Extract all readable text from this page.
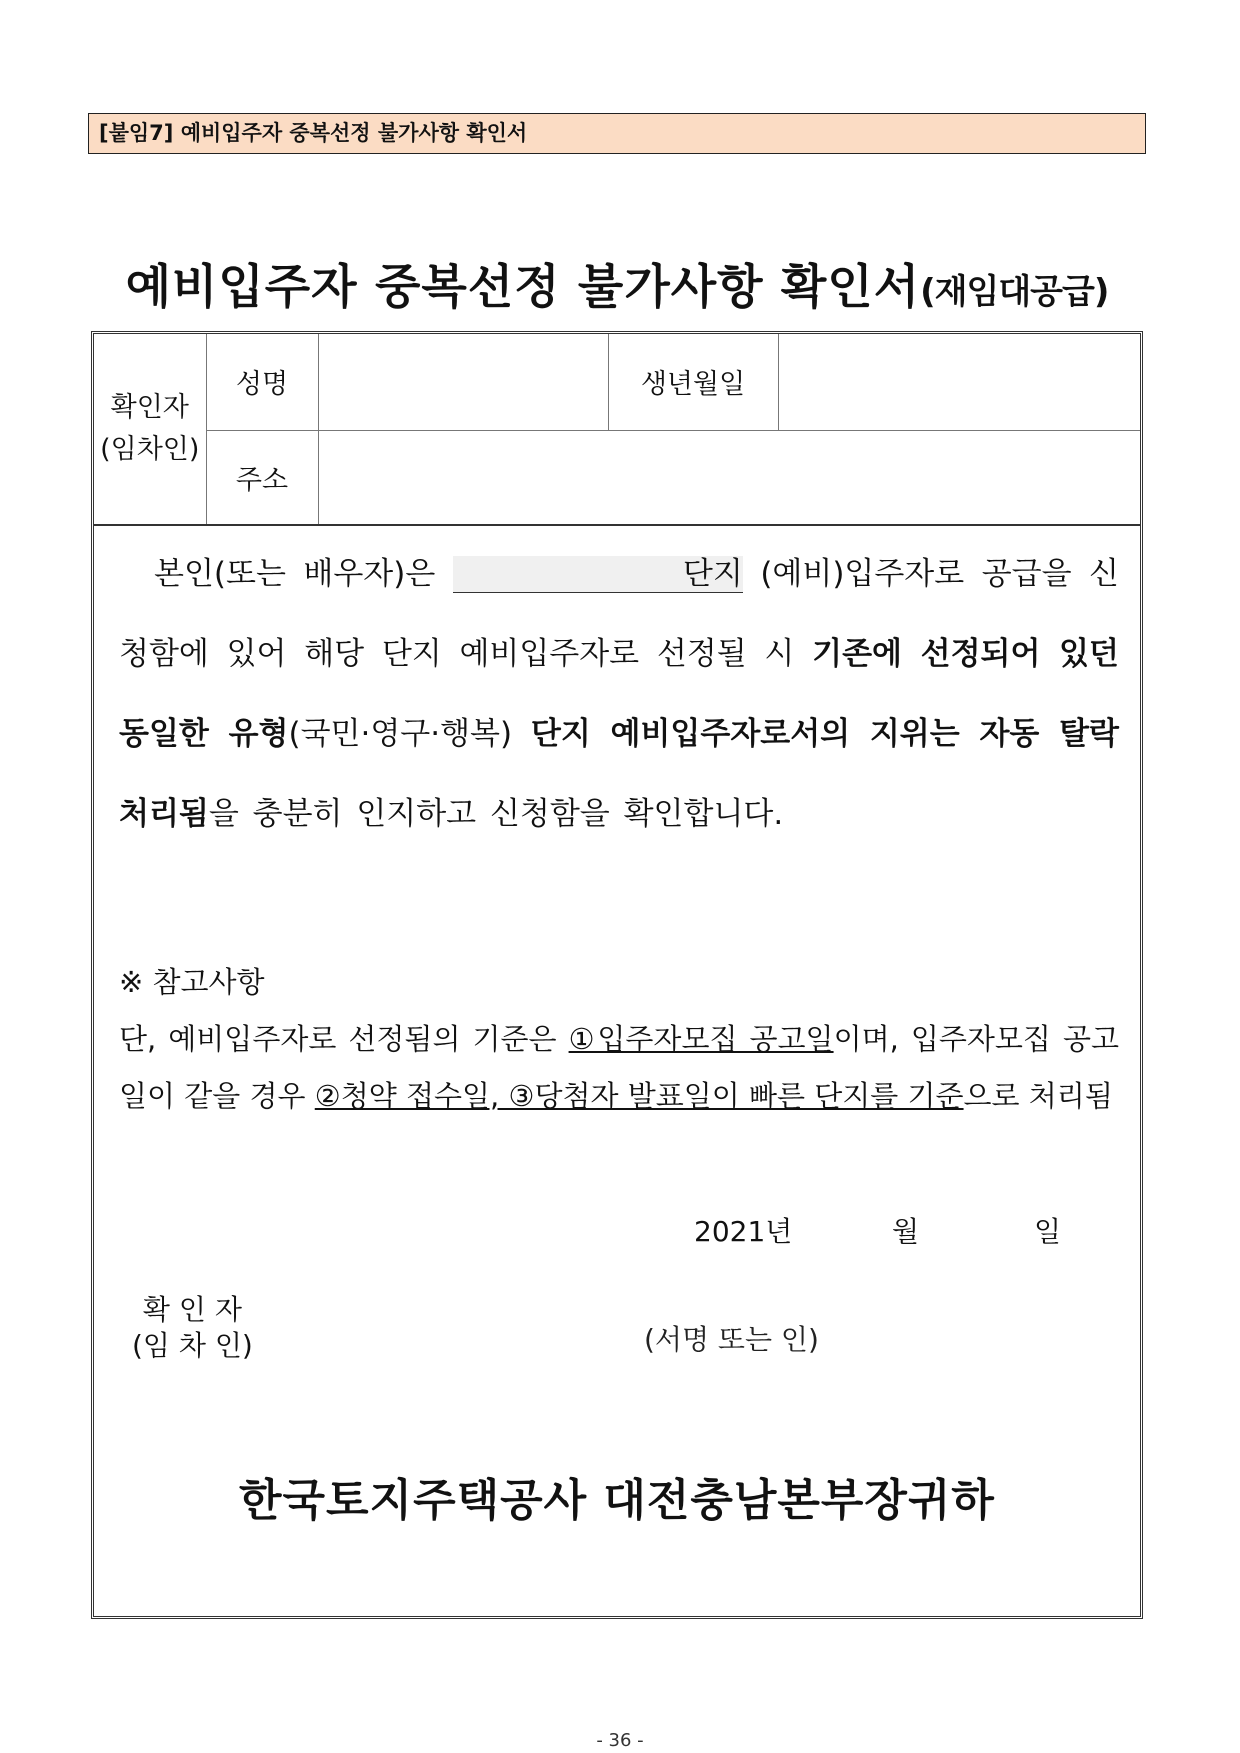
[붙임7] 예비입주자 중복선정 불가사항 확인서
예비입주자 중복선정 불가사항 확인서(재임대공급)
확인자
(임차인)	성명		생년월일	
	주소			
본인(또는 배우자)은	단지 (예비)입주자로 공급을 신청함에 있어 해당 단지 예비입주자로 선정될 시 기존에 선정되어 있던 동일한 유형(국민·영구·행복) 단지 예비입주자로서의 지위는 자동 탈락 처리됨을 충분히 인지하고 신청함을 확인합니다.
※ 참고사항
단, 예비입주자로 선정됨의 기준은 ①입주자모집 공고일이며, 입주자모집 공고일이 같을 경우 ②청약 접수일, ③당첨자 발표일이 빠른 단지를 기준으로 처리됨
2021년	월	일
확 인 자
(임 차 인)	(서명 또는 인)
한국토지주택공사 대전충남본부장귀하
- 36 -
